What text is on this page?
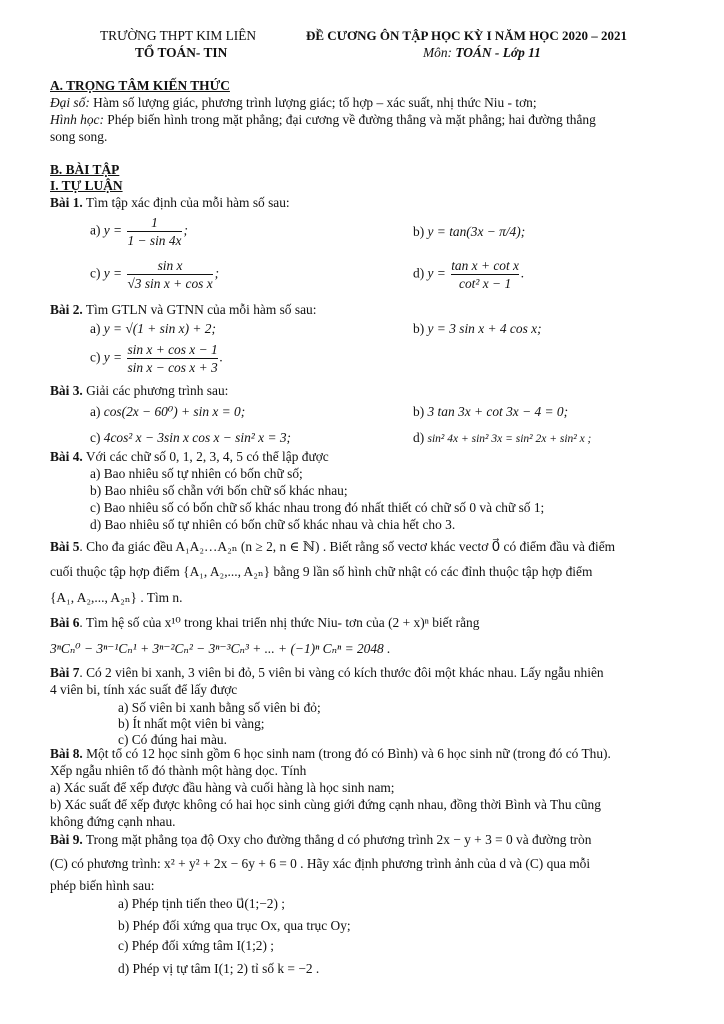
TRƯỜNG THPT KIM LIÊN
TỔ TOÁN- TIN
ĐỀ CƯƠNG ÔN TẬP HỌC KỲ I NĂM HỌC 2020 – 2021
Môn: TOÁN - Lớp 11
A. TRỌNG TÂM KIẾN THỨC
Đại số: Hàm số lượng giác, phương trình lượng giác; tổ hợp – xác suất, nhị thức Niu - tơn;
Hình học: Phép biến hình trong mặt phẳng; đại cương về đường thẳng và mặt phẳng; hai đường thẳng
song song.
B. BÀI TẬP
I. TỰ LUẬN
Bài 1. Tìm tập xác định của mỗi hàm số sau:
a) $y = \frac{1}{1 - \sin 4x}$ ;	b) y = tan(3x − π/4);
c) $y = \frac{\text{sin x}}{\text{√3 sin x + cos x}}$ ;	d) $y = \frac{\text{tan x + cot x}}{\text{cot² x − 1}}$ .
Bài 2. Tìm GTLN và GTNN của mỗi hàm số sau:
a) y = √(1 + sin x) + 2;	b) y = 3 sin x + 4 cos x;
c) $y = \frac{\text{sin x + cos x − 1}}{\text{sin x − cos x + 3}}$ .
Bài 3. Giải các phương trình sau:
a) cos(2x − 60⁰) + sin x = 0;	b) 3 tan 3x + cot 3x − 4 = 0;
c) 4cos² x − 3sin x cos x − sin² x = 3;	d) sin² 4x + sin² 3x = sin² 2x + sin² x ;
Bài 4. Với các chữ số 0, 1, 2, 3, 4, 5 có thể lập được
a) Bao nhiêu số tự nhiên có bốn chữ số;
b) Bao nhiêu số chẵn với bốn chữ số khác nhau;
c) Bao nhiêu số có bốn chữ số khác nhau trong đó nhất thiết có chữ số 0 và chữ số 1;
d) Bao nhiêu số tự nhiên có bốn chữ số khác nhau và chia hết cho 3.
Bài 5. Cho đa giác đều A₁A₂…A₂ₙ (n ≥ 2, n ∈ ℕ) . Biết rằng số vectơ khác vectơ 0⃗ có điểm đầu và điểm
cuối thuộc tập hợp điểm {A₁, A₂,..., A₂ₙ} bằng 9 lần số hình chữ nhật có các đỉnh thuộc tập hợp điểm
{A₁, A₂,..., A₂ₙ} . Tìm n.
Bài 6. Tìm hệ số của x¹⁰ trong khai triển nhị thức Niu- tơn của (2 + x)ⁿ biết rằng
3ⁿCₙ⁰ − 3ⁿ⁻¹Cₙ¹ + 3ⁿ⁻²Cₙ² − 3ⁿ⁻³Cₙ³ + ... + (−1)ⁿ Cₙⁿ = 2048 .
Bài 7. Có 2 viên bi xanh, 3 viên bi đỏ, 5 viên bi vàng có kích thước đôi một khác nhau. Lấy ngẫu nhiên
4 viên bi, tính xác suất để lấy được
a) Số viên bi xanh bằng số viên bi đỏ;
b) Ít nhất một viên bi vàng;
c) Có đúng hai màu.
Bài 8. Một tổ có 12 học sinh gồm 6 học sinh nam (trong đó có Bình) và 6 học sinh nữ (trong đó có Thu).
Xếp ngẫu nhiên tổ đó thành một hàng dọc. Tính
a) Xác suất để xếp được đầu hàng và cuối hàng là học sinh nam;
b) Xác suất để xếp được không có hai học sinh cùng giới đứng cạnh nhau, đồng thời Bình và Thu cũng
không đứng cạnh nhau.
Bài 9. Trong mặt phẳng tọa độ Oxy cho đường thẳng d có phương trình 2x − y + 3 = 0 và đường tròn
(C) có phương trình: x² + y² + 2x − 6y + 6 = 0 . Hãy xác định phương trình ảnh của d và (C) qua mỗi
phép biến hình sau:
a) Phép tịnh tiến theo u⃗(1;−2) ;
b) Phép đối xứng qua trục Ox, qua trục Oy;
c) Phép đối xứng tâm I(1;2) ;
d) Phép vị tự tâm I(1; 2) tỉ số k = −2 .
